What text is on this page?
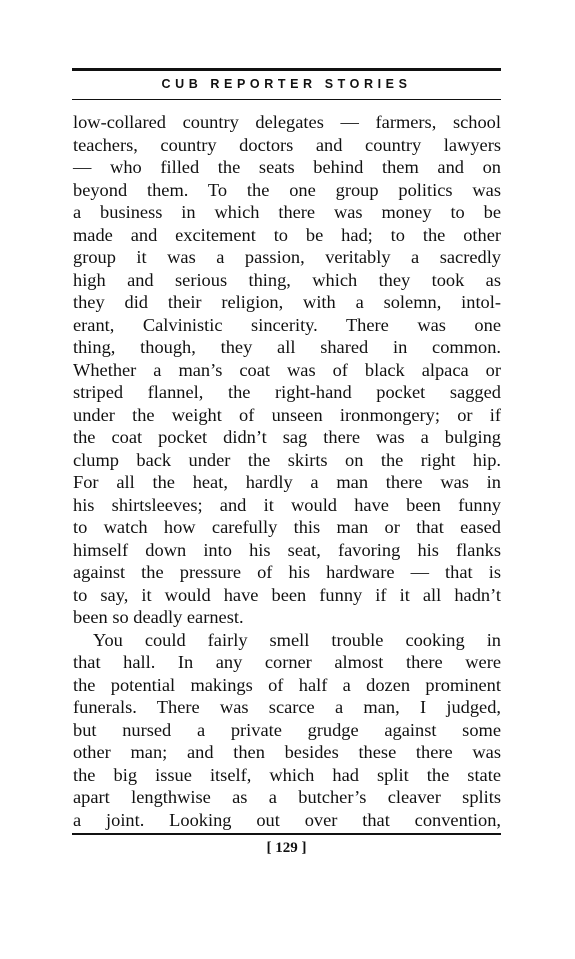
CUB REPORTER STORIES
low-collared country delegates — farmers, school
teachers, country doctors and country lawyers
— who filled the seats behind them and on
beyond them. To the one group politics was
a business in which there was money to be
made and excitement to be had; to the other
group it was a passion, veritably a sacredly
high and serious thing, which they took as
they did their religion, with a solemn, intol-
erant, Calvinistic sincerity. There was one
thing, though, they all shared in common.
Whether a man’s coat was of black alpaca or
striped flannel, the right-hand pocket sagged
under the weight of unseen ironmongery; or if
the coat pocket didn’t sag there was a bulging
clump back under the skirts on the right hip.
For all the heat, hardly a man there was in
his shirtsleeves; and it would have been funny
to watch how carefully this man or that eased
himself down into his seat, favoring his flanks
against the pressure of his hardware — that is
to say, it would have been funny if it all hadn’t
been so deadly earnest.
You could fairly smell trouble cooking in
that hall. In any corner almost there were
the potential makings of half a dozen prominent
funerals. There was scarce a man, I judged,
but nursed a private grudge against some
other man; and then besides these there was
the big issue itself, which had split the state
apart lengthwise as a butcher’s cleaver splits
a joint. Looking out over that convention,
[ 129 ]
